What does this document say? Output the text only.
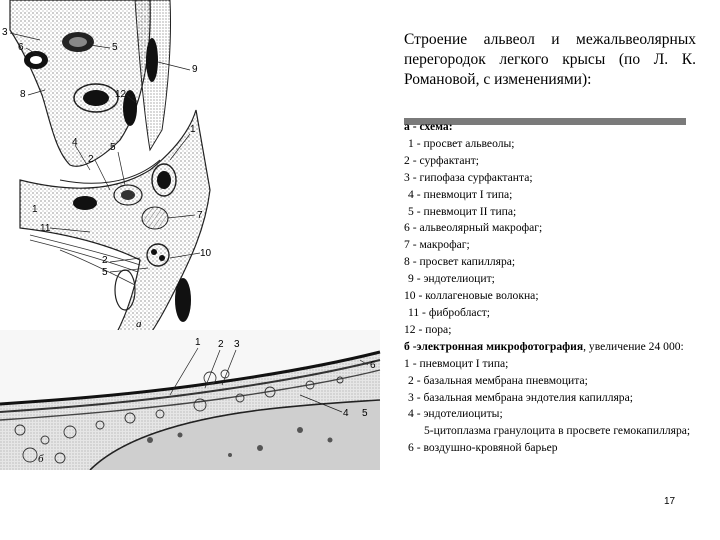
3
6	5
9
12
8
5
2
4
1
1
7
11
10
2
5
а
1 2 3
4 5
6
б
Строение альвеол и межальвеолярных перегородок легкого крысы (по Л. К. Романовой, с изменениями):
а - схема:
1 - просвет альвеолы;
2 - сурфактант;
3 - гипофаза сурфактанта;
4 - пневмоцит I типа;
5 - пневмоцит II типа;
6 - альвеолярный макрофаг;
7 - макрофаг;
8 - просвет капилляра;
9 - эндотелиоцит;
10 - коллагеновые волокна;
11 - фибробласт;
12 - пора;
б -электронная микрофотография, увеличение 24 000:
1 - пневмоцит I типа;
2 - базальная мембрана пневмоцита;
3 - базальная мембрана эндотелия капилляра;
4 - эндотелиоциты;
5-цитоплазма гранулоцита в просвете гемокапилляра;
6 - воздушно-кровяной барьер
17
